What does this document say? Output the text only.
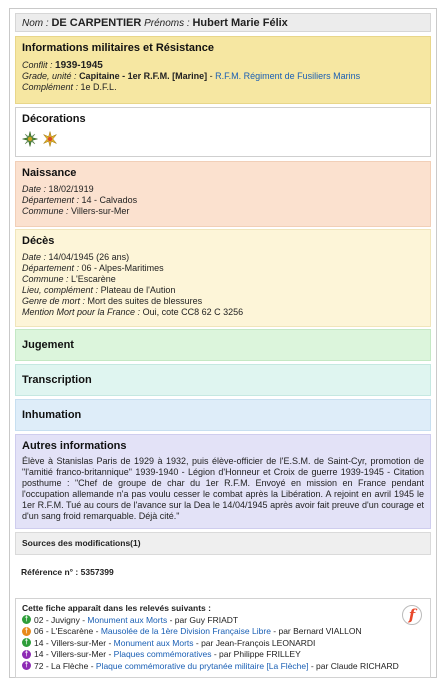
Nom : DE CARPENTIER Prénoms : Hubert Marie Félix
Informations militaires et Résistance
Conflit : 1939-1945
Grade, unité : Capitaine - 1er R.F.M. [Marine] - R.F.M. Régiment de Fusiliers Marins
Complément : 1e D.F.L.
Décorations
Naissance
Date : 18/02/1919
Département : 14 - Calvados
Commune : Villers-sur-Mer
Décès
Date : 14/04/1945 (26 ans)
Département : 06 - Alpes-Maritimes
Commune : L'Escarène
Lieu, complément : Plateau de l'Aution
Genre de mort : Mort des suites de blessures
Mention Mort pour la France : Oui, cote CC8 62 C 3256
Jugement
Transcription
Inhumation
Autres informations
Élève à Stanislas Paris de 1929 à 1932, puis élève-officier de l'E.S.M. de Saint-Cyr, promotion de "l'amitié franco-britannique" 1939-1940 - Légion d'Honneur et Croix de guerre 1939-1945 - Citation posthume : "Chef de groupe de char du 1er R.F.M. Envoyé en mission en France pendant l'occupation allemande n'a pas voulu cesser le combat après la Libération. A rejoint en avril 1945 le 1er R.F.M. Tué au cours de l'avance sur la Dea le 14/04/1945 après avoir fait preuve d'un courage et d'un sang froid remarquable. Déjà cité."
Sources des modifications(1)
Référence n° : 5357399
Cette fiche apparaît dans les relevés suivants :
† 02 - Juvigny - Monument aux Morts - par Guy FRIADT
† 06 - L'Escarène - Mausolée de la 1ère Division Française Libre - par Bernard VIALLON
† 14 - Villers-sur-Mer - Monument aux Morts - par Jean-François LEONARDI
† 14 - Villers-sur-Mer - Plaques commémoratives - par Philippe FRILLEY
† 72 - La Flèche - Plaque commémorative du prytanée militaire [La Flèche] - par Claude RICHARD
f
